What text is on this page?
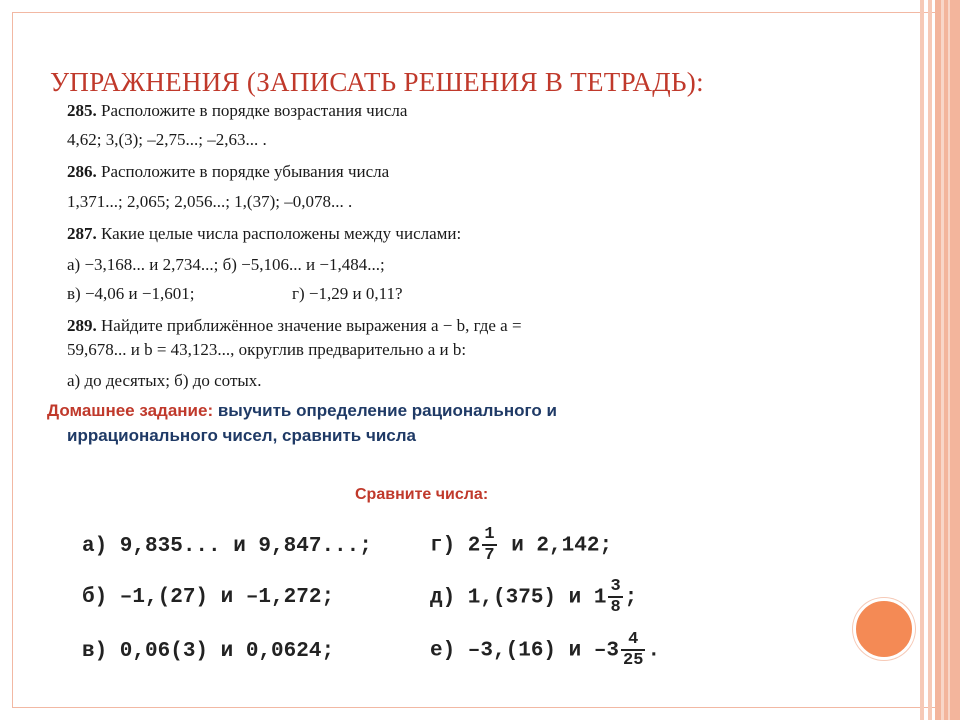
УПРАЖНЕНИЯ (ЗАПИСАТЬ РЕШЕНИЯ В ТЕТРАДЬ):

285. Расположите в порядке возрастания числа

4,62; 3,(3); –2,75...; –2,63... .

286. Расположите в порядке убывания числа

1,371...; 2,065; 2,056...; 1,(37); –0,078... .

287. Какие целые числа расположены между числами:

а) −3,168... и 2,734...; б) −5,106... и −1,484...;

в) −4,06 и −1,601;	г) −1,29 и 0,11?

289. Найдите приближённое значение выражения a − b, где a =

59,678... и b = 43,123..., округлив предварительно a и b:

а) до десятых; б) до сотых.

Домашнее задание: выучить определение рационального и
иррационального чисел, сравнить числа

Сравните числа:

а) 9,835... и 9,847...;
б) –1,(27) и –1,272;
в) 0,06(3) и 0,0624;
г) $2 \frac{1}{7}$ и 2,142;
д) 1,(375) и $1 \frac{3}{8}$ ;
е) –3,(16) и $-3 \frac{4}{25}$ .
